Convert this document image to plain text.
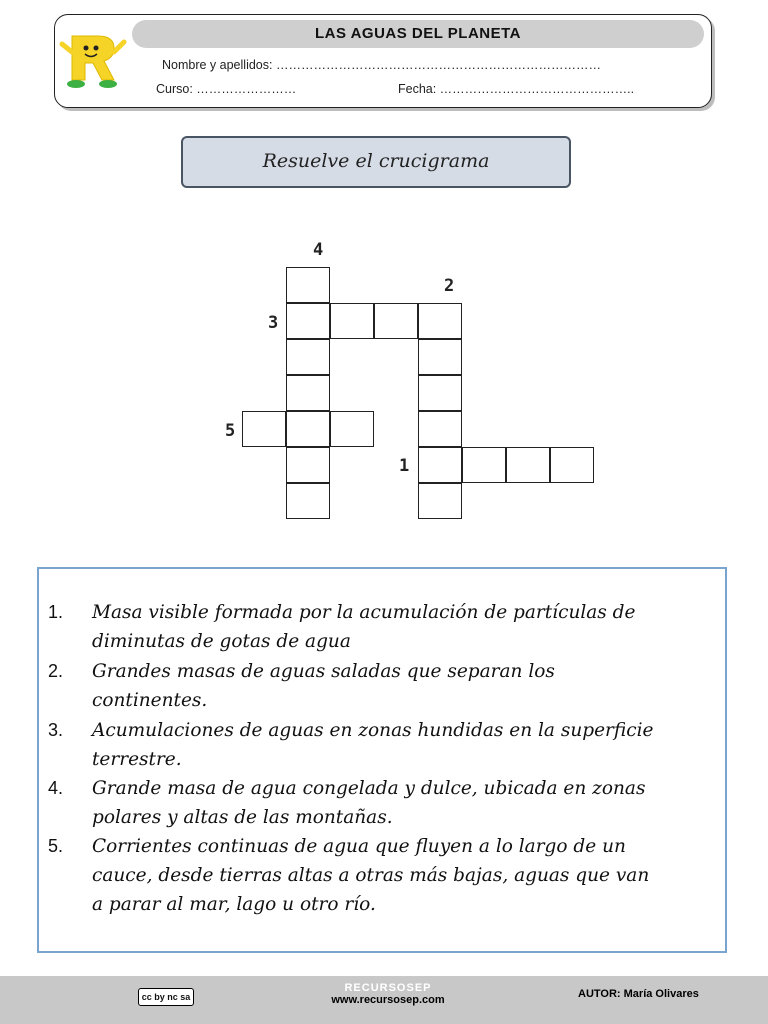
LAS AGUAS DEL PLANETA
Nombre y apellidos: ……………………………………………………………………
Curso: ……………………	Fecha: ………………………………………..
Resuelve el crucigrama
4
2
3
5
1
1. Masa visible formada por la acumulación de partículas de
diminutas de gotas de agua
2. Grandes masas de aguas saladas que separan los
continentes.
3. Acumulaciones de aguas en zonas hundidas en la superficie
terrestre.
4. Grande masa de agua congelada y dulce, ubicada en zonas
polares y altas de las montañas.
5. Corrientes continuas de agua que fluyen a lo largo de un
cauce, desde tierras altas a otras más bajas, aguas que van
a parar al mar, lago u otro río.
cc by nc sa
RECURSOSEP
www.recursosep.com	AUTOR: María Olivares
